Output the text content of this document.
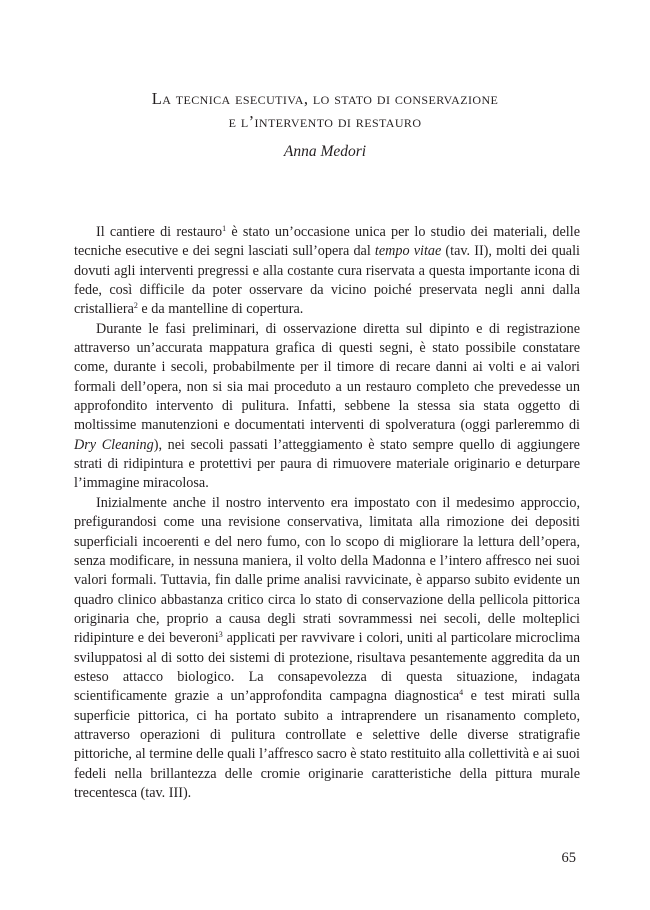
La tecnica esecutiva, lo stato di conservazione
e l’intervento di restauro
Anna Medori

Il cantiere di restauro$^1$ è stato un’occasione unica per lo studio dei materiali, delle tecniche esecutive e dei segni lasciati sull’opera dal tempo vitae (tav. II), molti dei quali dovuti agli interventi pregressi e alla costante cura riservata a questa importante icona di fede, così difficile da poter osservare da vicino poiché preservata negli anni dalla cristalliera$^2$ e da mantelline di copertura.

Durante le fasi preliminari, di osservazione diretta sul dipinto e di registrazione attraverso un’accurata mappatura grafica di questi segni, è stato possibile constatare come, durante i secoli, probabilmente per il timore di recare danni ai volti e ai valori formali dell’opera, non si sia mai proceduto a un restauro completo che prevedesse un approfondito intervento di pulitura. Infatti, sebbene la stessa sia stata oggetto di moltissime manutenzioni e documentati interventi di spolveratura (oggi parleremmo di Dry Cleaning), nei secoli passati l’atteggiamento è stato sempre quello di aggiungere strati di ridipintura e protettivi per paura di rimuovere materiale originario e deturpare l’immagine miracolosa.

Inizialmente anche il nostro intervento era impostato con il medesimo approccio, prefigurandosi come una revisione conservativa, limitata alla rimozione dei depositi superficiali incoerenti e del nero fumo, con lo scopo di migliorare la lettura dell’opera, senza modificare, in nessuna maniera, il volto della Madonna e l’intero affresco nei suoi valori formali. Tuttavia, fin dalle prime analisi ravvicinate, è apparso subito evidente un quadro clinico abbastanza critico circa lo stato di conservazione della pellicola pittorica originaria che, proprio a causa degli strati sovrammessi nei secoli, delle molteplici ridipinture e dei beveroni$^3$ applicati per ravvivare i colori, uniti al particolare microclima sviluppatosi al di sotto dei sistemi di protezione, risultava pesantemente aggredita da un esteso attacco biologico. La consapevolezza di questa situazione, indagata scientificamente grazie a un’approfondita campagna diagnostica$^4$ e test mirati sulla superficie pittorica, ci ha portato subito a intraprendere un risanamento completo, attraverso operazioni di pulitura controllate e selettive delle diverse stratigrafie pittoriche, al termine delle quali l’affresco sacro è stato restituito alla collettività e ai suoi fedeli nella brillantezza delle cromie originarie caratteristiche della pittura murale trecentesca (tav. III).

65
